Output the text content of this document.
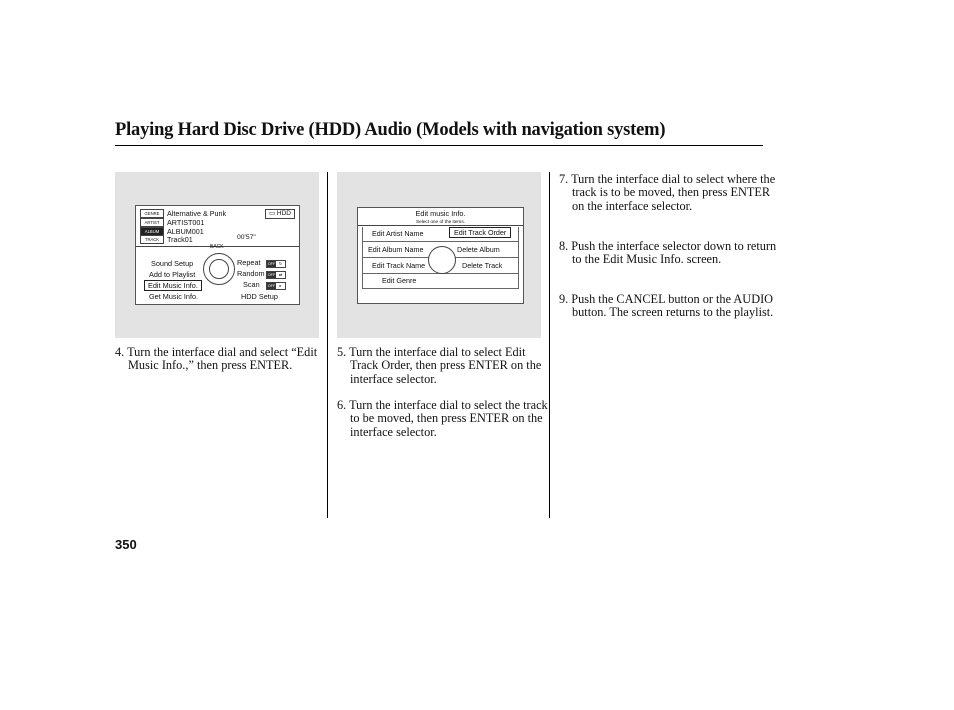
Playing Hard Disc Drive (HDD) Audio (Models with navigation system)
GENRE	Alternative & Punk
ARTIST	ARTIST001
ALBUM	ALBUM001
TRACK	Track01
▭ HDD
00'57"
BACK
Sound Setup	Repeat OFF ↻
Add to Playlist	Random OFF ⇄
Edit Music Info.	Scan OFF	▸
Get Music Info.	HDD Setup
Edit music Info.
Select one of the items.
Edit Artist Name	Edit Track Order
Edit Album Name	Delete Album
Edit Track Name	Delete Track
Edit Genre
4. Turn the interface dial and select “Edit Music Info.,” then press ENTER.
5. Turn the interface dial to select Edit Track Order, then press ENTER on the interface selector.
6. Turn the interface dial to select the track to be moved, then press ENTER on the interface selector.
7. Turn the interface dial to select where the track is to be moved, then press ENTER on the interface selector.
8. Push the interface selector down to return to the Edit Music Info. screen.
9. Push the CANCEL button or the AUDIO button. The screen returns to the playlist.
350
